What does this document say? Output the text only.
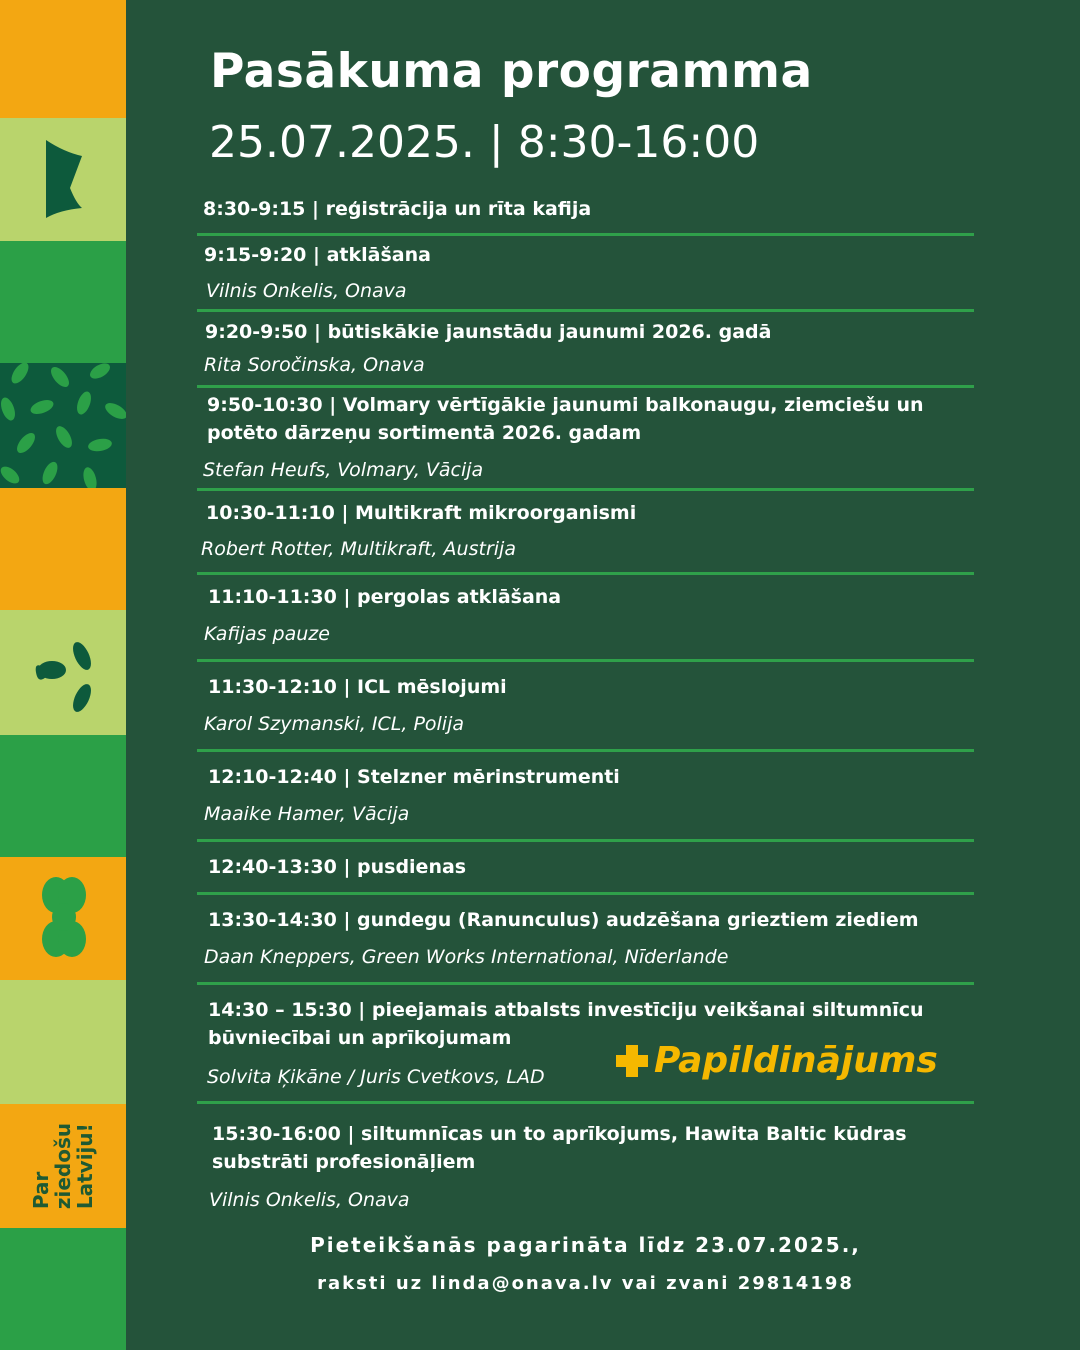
Par
ziedošu
Latviju!
Pasākuma programma
25.07.2025. | 8:30-16:00
8:30-9:15 | reģistrācija un rīta kafija
9:15-9:20 | atklāšana
Vilnis Onkelis, Onava
9:20-9:50 | būtiskākie jaunstādu jaunumi 2026. gadā
Rita Soročinska, Onava
9:50-10:30 | Volmary vērtīgākie jaunumi balkonaugu, ziemciešu un potēto dārzeņu sortimentā 2026. gadam
Stefan Heufs, Volmary, Vācija
10:30-11:10 | Multikraft mikroorganismi
Robert Rotter, Multikraft, Austrija
11:10-11:30 | pergolas atklāšana
Kafijas pauze
11:30-12:10 | ICL mēslojumi
Karol Szymanski, ICL, Polija
12:10-12:40 | Stelzner mērinstrumenti
Maaike Hamer, Vācija
12:40-13:30 | pusdienas
13:30-14:30 | gundegu (Ranunculus) audzēšana grieztiem ziediem
Daan Kneppers, Green Works International, Nīderlande
14:30 – 15:30 | pieejamais atbalsts investīciju veikšanai siltumnīcu būvniecībai un aprīkojumam
Solvita Ķikāne / Juris Cvetkovs, LAD	Papildinājums
15:30-16:00 | siltumnīcas un to aprīkojums, Hawita Baltic kūdras substrāti profesionāļiem
Vilnis Onkelis, Onava
Pieteikšanās pagarināta līdz 23.07.2025.,
raksti uz linda@onava.lv vai zvani 29814198
